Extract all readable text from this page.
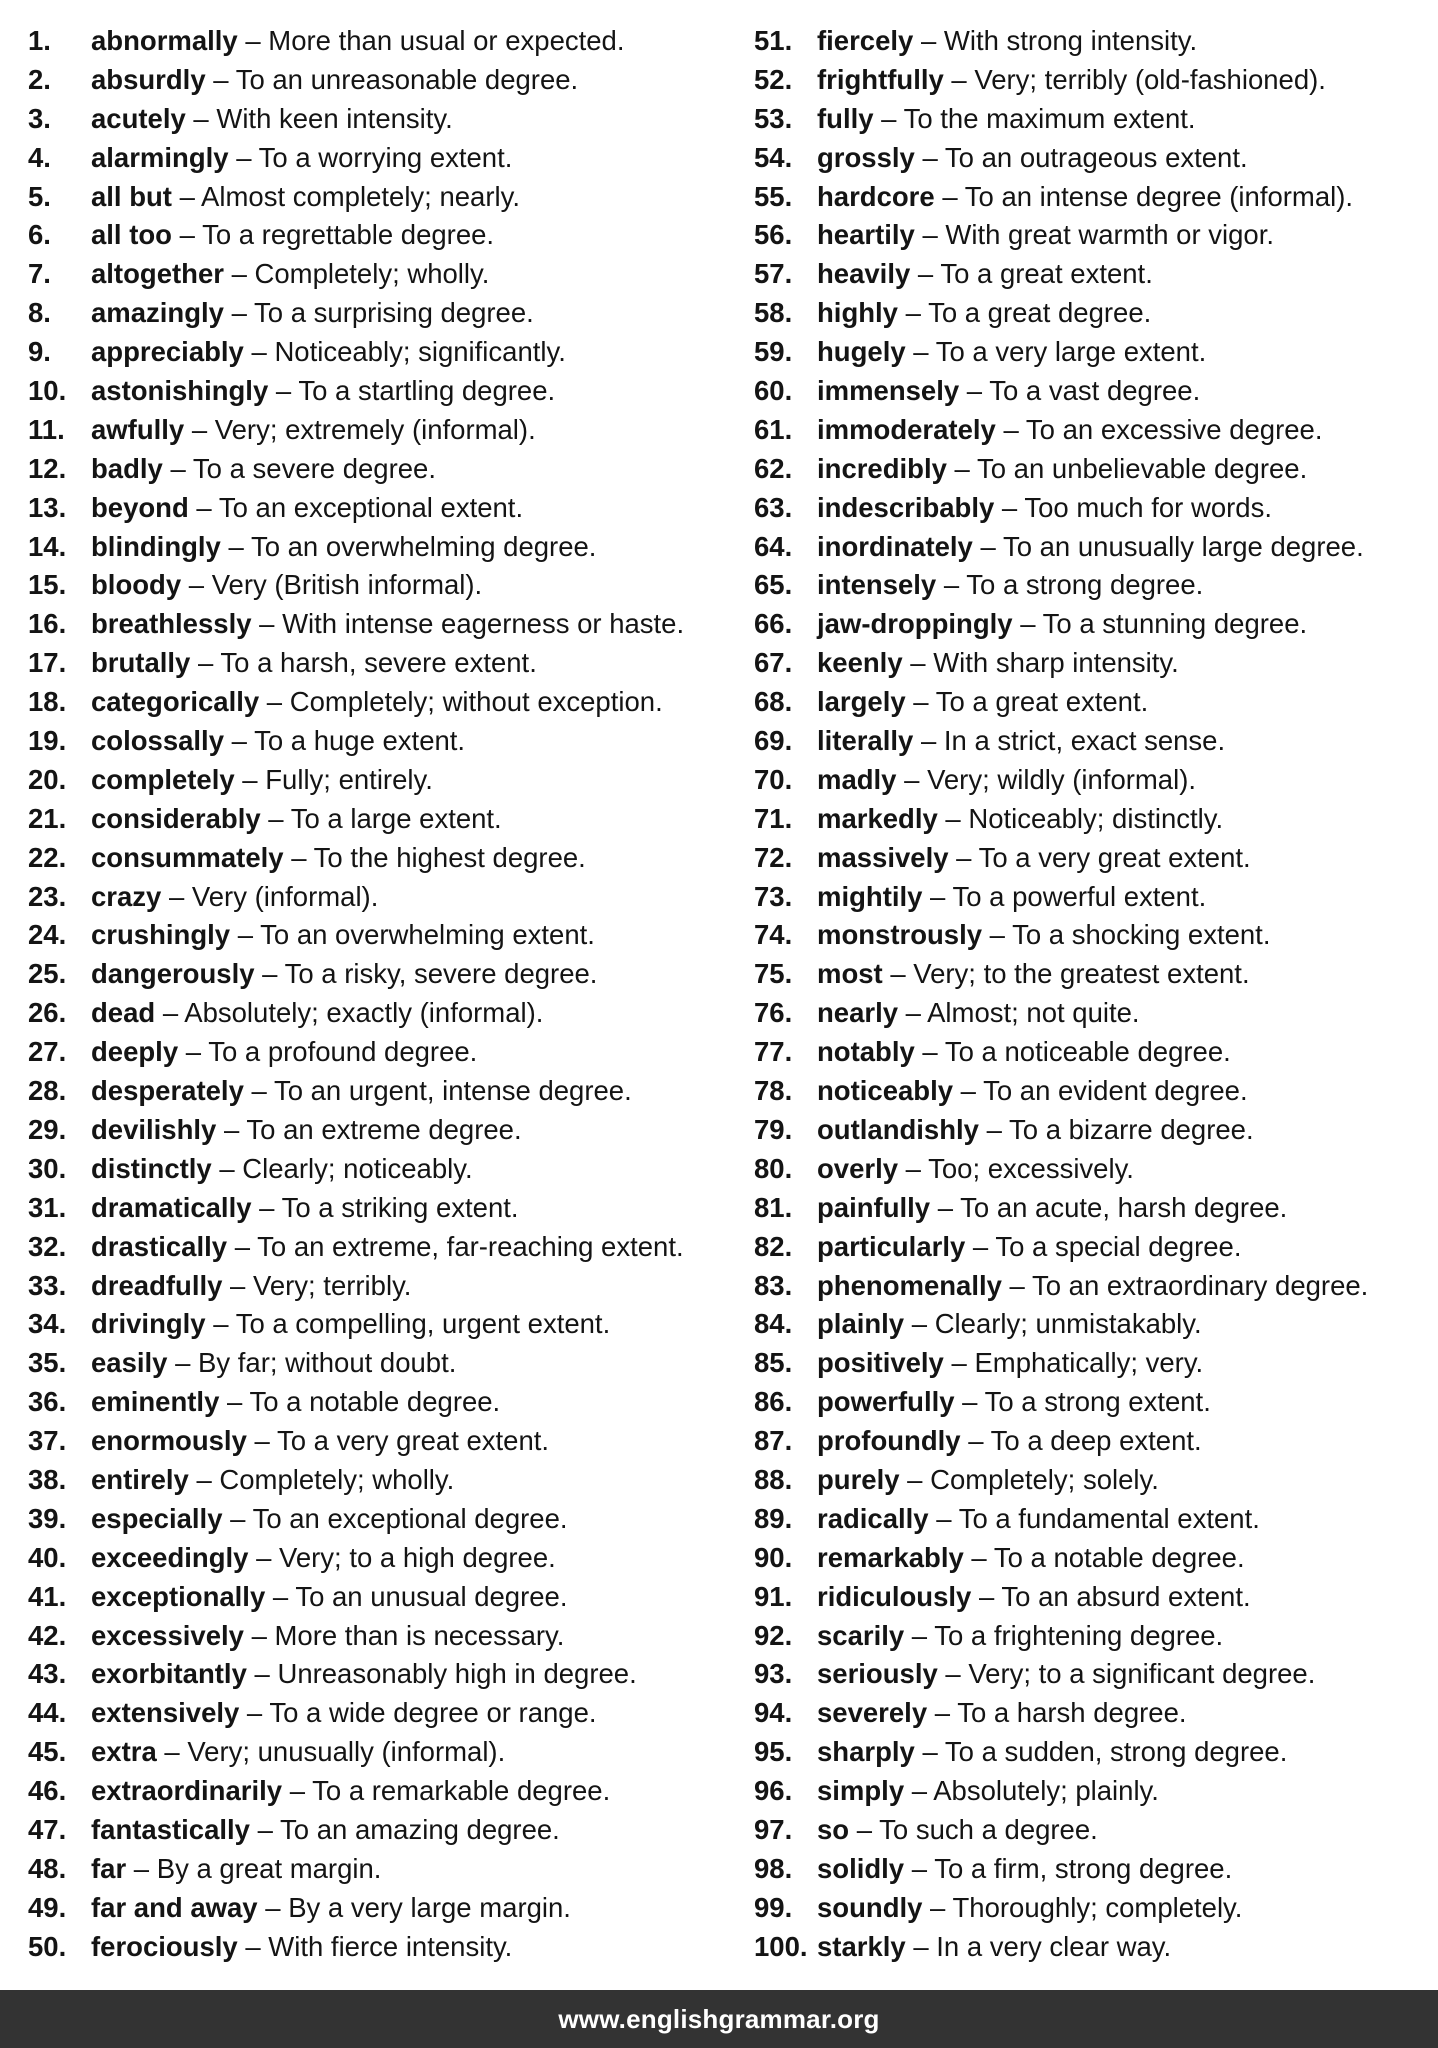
1. abnormally – More than usual or expected.
2. absurdly – To an unreasonable degree.
3. acutely – With keen intensity.
4. alarmingly – To a worrying extent.
5. all but – Almost completely; nearly.
6. all too – To a regrettable degree.
7. altogether – Completely; wholly.
8. amazingly – To a surprising degree.
9. appreciably – Noticeably; significantly.
10. astonishingly – To a startling degree.
11. awfully – Very; extremely (informal).
12. badly – To a severe degree.
13. beyond – To an exceptional extent.
14. blindingly – To an overwhelming degree.
15. bloody – Very (British informal).
16. breathlessly – With intense eagerness or haste.
17. brutally – To a harsh, severe extent.
18. categorically – Completely; without exception.
19. colossally – To a huge extent.
20. completely – Fully; entirely.
21. considerably – To a large extent.
22. consummately – To the highest degree.
23. crazy – Very (informal).
24. crushingly – To an overwhelming extent.
25. dangerously – To a risky, severe degree.
26. dead – Absolutely; exactly (informal).
27. deeply – To a profound degree.
28. desperately – To an urgent, intense degree.
29. devilishly – To an extreme degree.
30. distinctly – Clearly; noticeably.
31. dramatically – To a striking extent.
32. drastically – To an extreme, far-reaching extent.
33. dreadfully – Very; terribly.
34. drivingly – To a compelling, urgent extent.
35. easily – By far; without doubt.
36. eminently – To a notable degree.
37. enormously – To a very great extent.
38. entirely – Completely; wholly.
39. especially – To an exceptional degree.
40. exceedingly – Very; to a high degree.
41. exceptionally – To an unusual degree.
42. excessively – More than is necessary.
43. exorbitantly – Unreasonably high in degree.
44. extensively – To a wide degree or range.
45. extra – Very; unusually (informal).
46. extraordinarily – To a remarkable degree.
47. fantastically – To an amazing degree.
48. far – By a great margin.
49. far and away – By a very large margin.
50. ferociously – With fierce intensity.
51. fiercely – With strong intensity.
52. frightfully – Very; terribly (old-fashioned).
53. fully – To the maximum extent.
54. grossly – To an outrageous extent.
55. hardcore – To an intense degree (informal).
56. heartily – With great warmth or vigor.
57. heavily – To a great extent.
58. highly – To a great degree.
59. hugely – To a very large extent.
60. immensely – To a vast degree.
61. immoderately – To an excessive degree.
62. incredibly – To an unbelievable degree.
63. indescribably – Too much for words.
64. inordinately – To an unusually large degree.
65. intensely – To a strong degree.
66. jaw-droppingly – To a stunning degree.
67. keenly – With sharp intensity.
68. largely – To a great extent.
69. literally – In a strict, exact sense.
70. madly – Very; wildly (informal).
71. markedly – Noticeably; distinctly.
72. massively – To a very great extent.
73. mightily – To a powerful extent.
74. monstrously – To a shocking extent.
75. most – Very; to the greatest extent.
76. nearly – Almost; not quite.
77. notably – To a noticeable degree.
78. noticeably – To an evident degree.
79. outlandishly – To a bizarre degree.
80. overly – Too; excessively.
81. painfully – To an acute, harsh degree.
82. particularly – To a special degree.
83. phenomenally – To an extraordinary degree.
84. plainly – Clearly; unmistakably.
85. positively – Emphatically; very.
86. powerfully – To a strong extent.
87. profoundly – To a deep extent.
88. purely – Completely; solely.
89. radically – To a fundamental extent.
90. remarkably – To a notable degree.
91. ridiculously – To an absurd extent.
92. scarily – To a frightening degree.
93. seriously – Very; to a significant degree.
94. severely – To a harsh degree.
95. sharply – To a sudden, strong degree.
96. simply – Absolutely; plainly.
97. so – To such a degree.
98. solidly – To a firm, strong degree.
99. soundly – Thoroughly; completely.
100. starkly – In a very clear way.
www.englishgrammar.org
